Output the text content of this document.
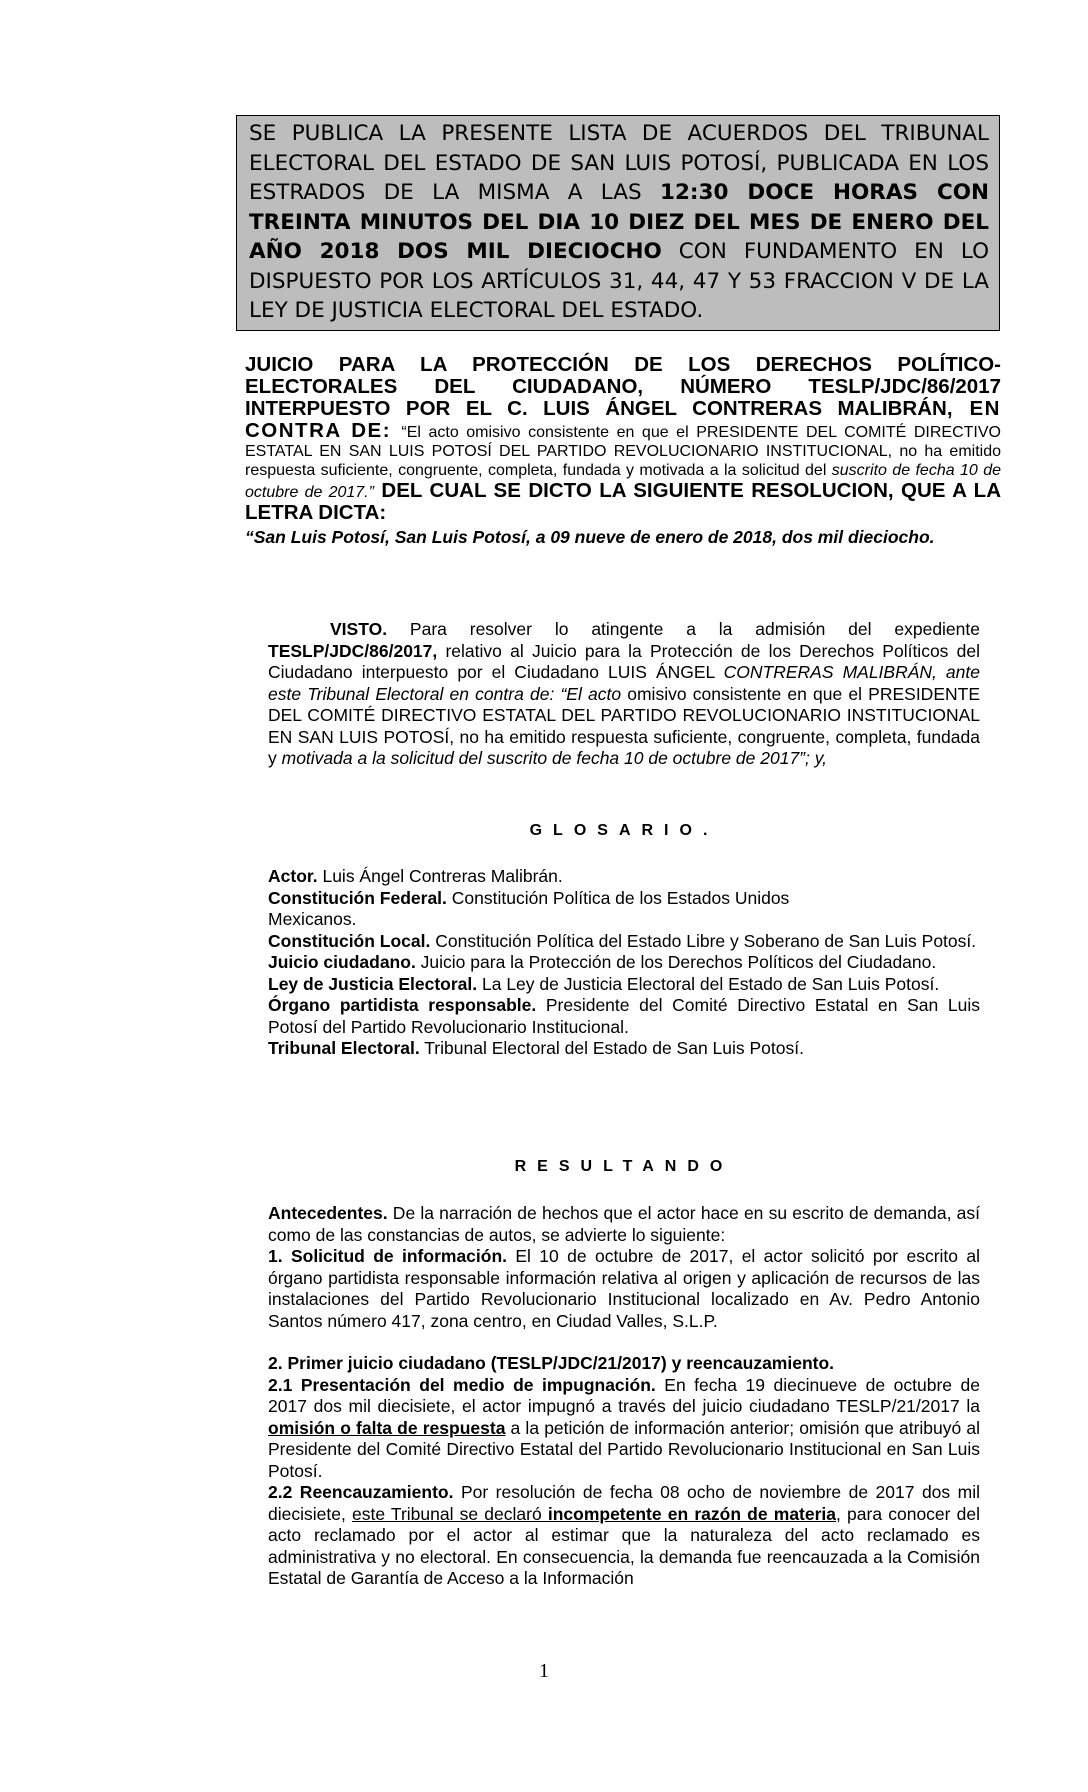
SE PUBLICA LA PRESENTE LISTA DE ACUERDOS DEL TRIBUNAL ELECTORAL DEL ESTADO DE SAN LUIS POTOSÍ, PUBLICADA EN LOS ESTRADOS DE LA MISMA A LAS 12:30 DOCE HORAS CON TREINTA MINUTOS DEL DIA 10 DIEZ DEL MES DE ENERO DEL AÑO 2018 DOS MIL DIECIOCHO CON FUNDAMENTO EN LO DISPUESTO POR LOS ARTÍCULOS 31, 44, 47 Y 53 FRACCION V DE LA LEY DE JUSTICIA ELECTORAL DEL ESTADO.

JUICIO PARA LA PROTECCIÓN DE LOS DERECHOS POLÍTICO-ELECTORALES DEL CIUDADANO, NÚMERO TESLP/JDC/86/2017 INTERPUESTO POR EL C. LUIS ÁNGEL CONTRERAS MALIBRÁN, EN CONTRA DE: “El acto omisivo consistente en que el PRESIDENTE DEL COMITÉ DIRECTIVO ESTATAL EN SAN LUIS POTOSÍ DEL PARTIDO REVOLUCIONARIO INSTITUCIONAL, no ha emitido respuesta suficiente, congruente, completa, fundada y motivada a la solicitud del suscrito de fecha 10 de octubre de 2017.” DEL CUAL SE DICTO LA SIGUIENTE RESOLUCION, QUE A LA LETRA DICTA:

“San Luis Potosí, San Luis Potosí, a 09 nueve de enero de 2018, dos mil dieciocho.

VISTO. Para resolver lo atingente a la admisión del expediente TESLP/JDC/86/2017, relativo al Juicio para la Protección de los Derechos Políticos del Ciudadano interpuesto por el Ciudadano LUIS ÁNGEL CONTRERAS MALIBRÁN, ante este Tribunal Electoral en contra de: “El acto omisivo consistente en que el PRESIDENTE DEL COMITÉ DIRECTIVO ESTATAL DEL PARTIDO REVOLUCIONARIO INSTITUCIONAL EN SAN LUIS POTOSÍ, no ha emitido respuesta suficiente, congruente, completa, fundada y motivada a la solicitud del suscrito de fecha 10 de octubre de 2017”; y,

GLOSARIO.

Actor. Luis Ángel Contreras Malibrán.

Constitución Federal. Constitución Política de los Estados Unidos
Mexicanos.

Constitución Local. Constitución Política del Estado Libre y Soberano de San Luis Potosí.

Juicio ciudadano. Juicio para la Protección de los Derechos Políticos del Ciudadano.

Ley de Justicia Electoral. La Ley de Justicia Electoral del Estado de San Luis Potosí.

Órgano partidista responsable. Presidente del Comité Directivo Estatal en San Luis Potosí del Partido Revolucionario Institucional.

Tribunal Electoral. Tribunal Electoral del Estado de San Luis Potosí.

RESULTANDO

Antecedentes. De la narración de hechos que el actor hace en su escrito de demanda, así como de las constancias de autos, se advierte lo siguiente:

1. Solicitud de información. El 10 de octubre de 2017, el actor solicitó por escrito al órgano partidista responsable información relativa al origen y aplicación de recursos de las instalaciones del Partido Revolucionario Institucional localizado en Av. Pedro Antonio Santos número 417, zona centro, en Ciudad Valles, S.L.P.

2. Primer juicio ciudadano (TESLP/JDC/21/2017) y reencauzamiento.

2.1 Presentación del medio de impugnación. En fecha 19 diecinueve de octubre de 2017 dos mil diecisiete, el actor impugnó a través del juicio ciudadano TESLP/21/2017 la omisión o falta de respuesta a la petición de información anterior; omisión que atribuyó al Presidente del Comité Directivo Estatal del Partido Revolucionario Institucional en San Luis Potosí.

2.2 Reencauzamiento. Por resolución de fecha 08 ocho de noviembre de 2017 dos mil diecisiete, este Tribunal se declaró incompetente en razón de materia, para conocer del acto reclamado por el actor al estimar que la naturaleza del acto reclamado es administrativa y no electoral. En consecuencia, la demanda fue reencauzada a la Comisión Estatal de Garantía de Acceso a la Información

1
